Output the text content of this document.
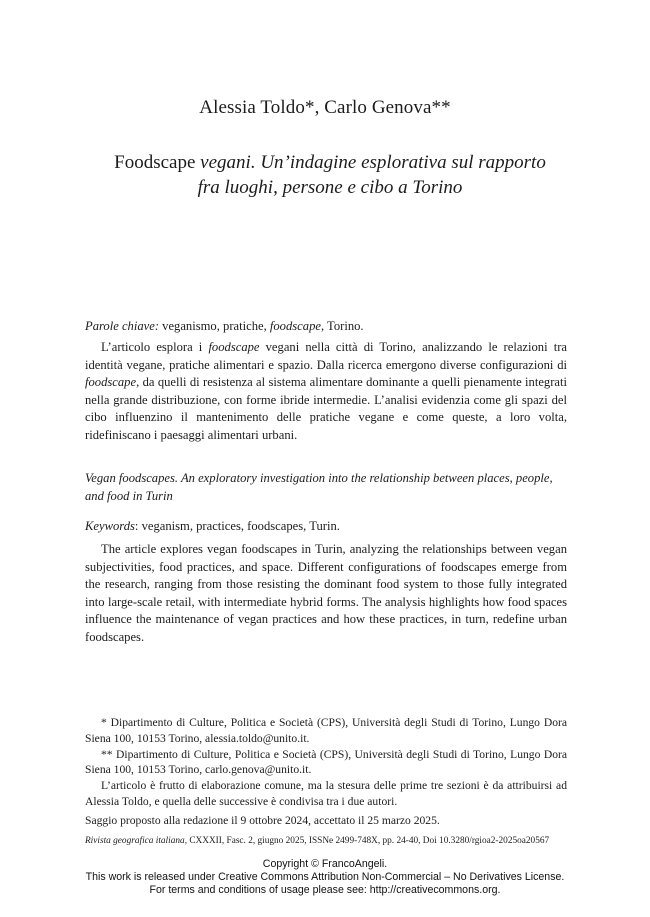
Alessia Toldo*, Carlo Genova**
Foodscape vegani. Un’indagine esplorativa sul rapporto
fra luoghi, persone e cibo a Torino

Parole chiave: veganismo, pratiche, foodscape, Torino.

L’articolo esplora i foodscape vegani nella città di Torino, analizzando le relazioni tra identità vegane, pratiche alimentari e spazio. Dalla ricerca emergono diverse configurazioni di foodscape, da quelli di resistenza al sistema alimentare dominante a quelli pienamente integrati nella grande distribuzione, con forme ibride intermedie. L’analisi evidenzia come gli spazi del cibo influenzino il mantenimento delle pratiche vegane e come queste, a loro volta, ridefiniscano i paesaggi alimentari urbani.

Vegan foodscapes. An exploratory investigation into the relationship between places, people, and food in Turin

Keywords: veganism, practices, foodscapes, Turin.

The article explores vegan foodscapes in Turin, analyzing the relationships between vegan subjectivities, food practices, and space. Different configurations of foodscapes emerge from the research, ranging from those resisting the dominant food system to those fully integrated into large-scale retail, with intermediate hybrid forms. The analysis highlights how food spaces influence the maintenance of vegan practices and how these practices, in turn, redefine urban foodscapes.

* Dipartimento di Culture, Politica e Società (CPS), Università degli Studi di Torino, Lungo Dora Siena 100, 10153 Torino, alessia.toldo@unito.it.

** Dipartimento di Culture, Politica e Società (CPS), Università degli Studi di Torino, Lungo Dora Siena 100, 10153 Torino, carlo.genova@unito.it.

L’articolo è frutto di elaborazione comune, ma la stesura delle prime tre sezioni è da attribuirsi ad Alessia Toldo, e quella delle successive è condivisa tra i due autori.

Saggio proposto alla redazione il 9 ottobre 2024, accettato il 25 marzo 2025.

Rivista geografica italiana, CXXXII, Fasc. 2, giugno 2025, ISSNe 2499-748X, pp. 24-40, Doi 10.3280/rgioa2-2025oa20567
Copyright © FrancoAngeli.
This work is released under Creative Commons Attribution Non-Commercial – No Derivatives License.
For terms and conditions of usage please see: http://creativecommons.org.
